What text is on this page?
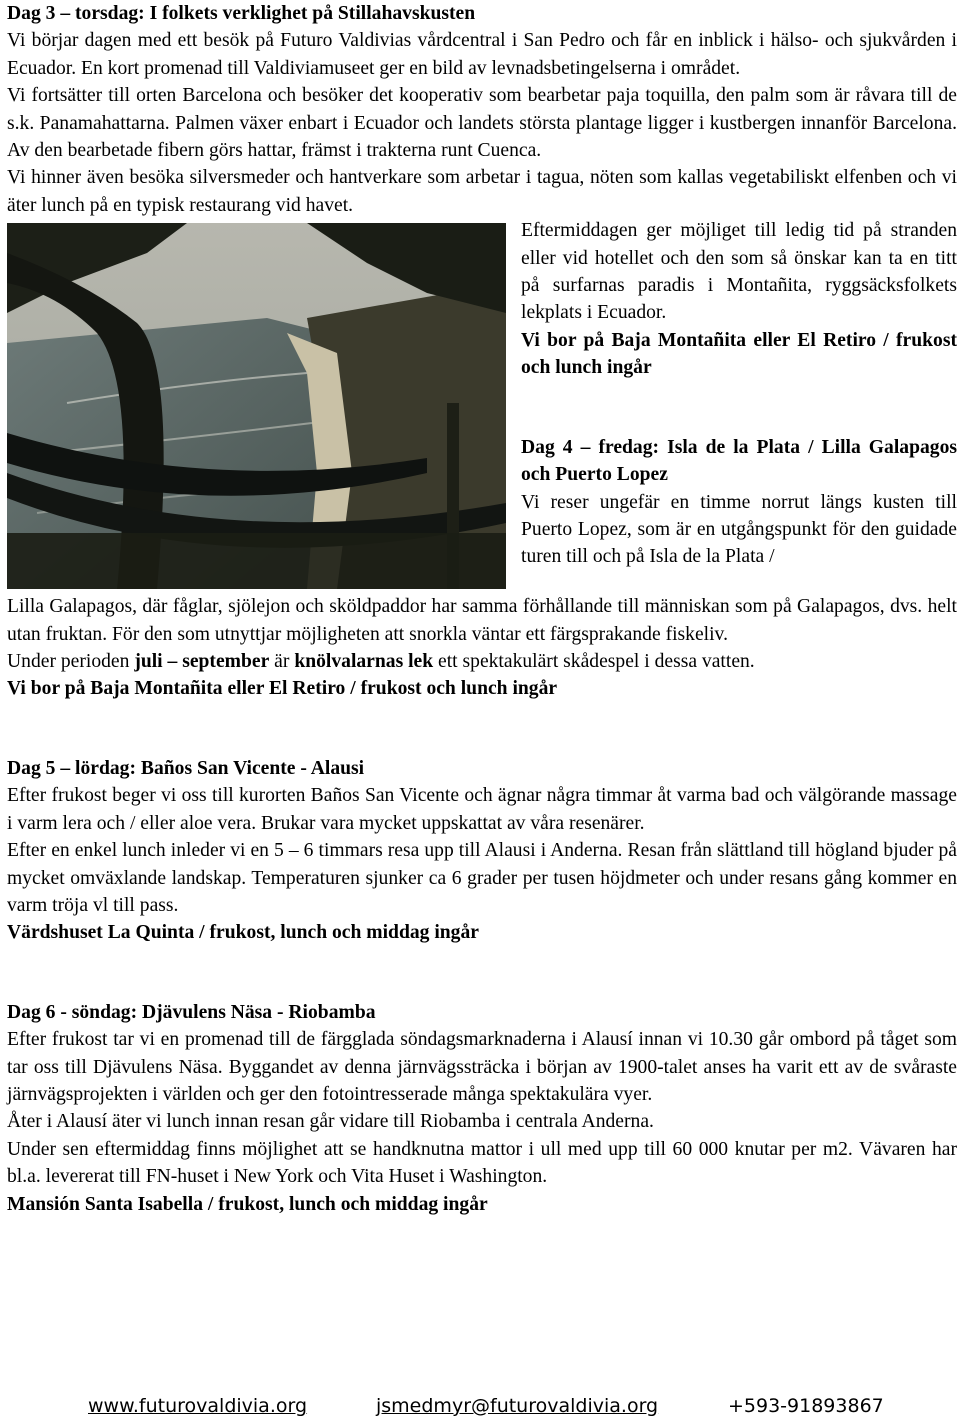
Dag 3 – torsdag: I folkets verklighet på Stillahavskusten

Vi börjar dagen med ett besök på Futuro Valdivias vårdcentral i San Pedro och får en inblick i hälso- och sjukvården i Ecuador. En kort promenad till Valdiviamuseet ger en bild av levnadsbetingelserna i området.

Vi fortsätter till orten Barcelona och besöker det kooperativ som bearbetar paja toquilla, den palm som är råvara till de s.k. Panamahattarna. Palmen växer enbart i Ecuador och landets största plantage ligger i kustbergen innanför Barcelona. Av den bearbetade fibern görs hattar, främst i trakterna runt Cuenca.

Vi hinner även besöka silversmeder och hantverkare som arbetar i tagua, nöten som kallas vegetabiliskt elfenben och vi äter lunch på en typisk restaurang vid havet.

Eftermiddagen ger möjliget till ledig tid på stranden eller vid hotellet och den som så önskar kan ta en titt på surfarnas paradis i Montañita, ryggsäcksfolkets lekplats i Ecuador.

Vi bor på Baja Montañita eller El Retiro / frukost och lunch ingår

Dag 4 – fredag: Isla de la Plata / Lilla Galapagos och Puerto Lopez

Vi reser ungefär en timme norrut längs kusten till Puerto Lopez, som är en utgångspunkt för den guidade turen till och på Isla de la Plata /

Lilla Galapagos, där fåglar, sjölejon och sköldpaddor har samma förhållande till människan som på Galapagos, dvs. helt utan fruktan. För den som utnyttjar möjligheten att snorkla väntar ett färgsprakande fiskeliv.

Under perioden juli – september är knölvalarnas lek ett spektakulärt skådespel i dessa vatten.

Vi bor på Baja Montañita eller El Retiro / frukost och lunch ingår

Dag 5 – lördag: Baños San Vicente - Alausi

Efter frukost beger vi oss till kurorten Baños San Vicente och ägnar några timmar åt varma bad och välgörande massage i varm lera och / eller aloe vera. Brukar vara mycket uppskattat av våra resenärer.

Efter en enkel lunch inleder vi en 5 – 6 timmars resa upp till Alausi i Anderna. Resan från slättland till högland bjuder på mycket omväxlande landskap. Temperaturen sjunker ca 6 grader per tusen höjdmeter och under resans gång kommer en varm tröja vl till pass.

Värdshuset La Quinta / frukost, lunch och middag ingår

Dag 6 - söndag: Djävulens Näsa - Riobamba

Efter frukost tar vi en promenad till de färgglada söndagsmarknaderna i Alausí innan vi 10.30 går ombord på tåget som tar oss till Djävulens Näsa. Byggandet av denna järnvägssträcka i början av 1900-talet anses ha varit ett av de svåraste järnvägsprojekten i världen och ger den fotointresserade många spektakulära vyer.

Åter i Alausí äter vi lunch innan resan går vidare till Riobamba i centrala Anderna.

Under sen eftermiddag finns möjlighet att se handknutna mattor i ull med upp till 60 000 knutar per m2. Vävaren har bl.a. levererat till FN-huset i New York och Vita Huset i Washington.

Mansión Santa Isabella / frukost, lunch och middag ingår

www.futurovaldivia.org	jsmedmyr@futurovaldivia.org	+593-91893867
